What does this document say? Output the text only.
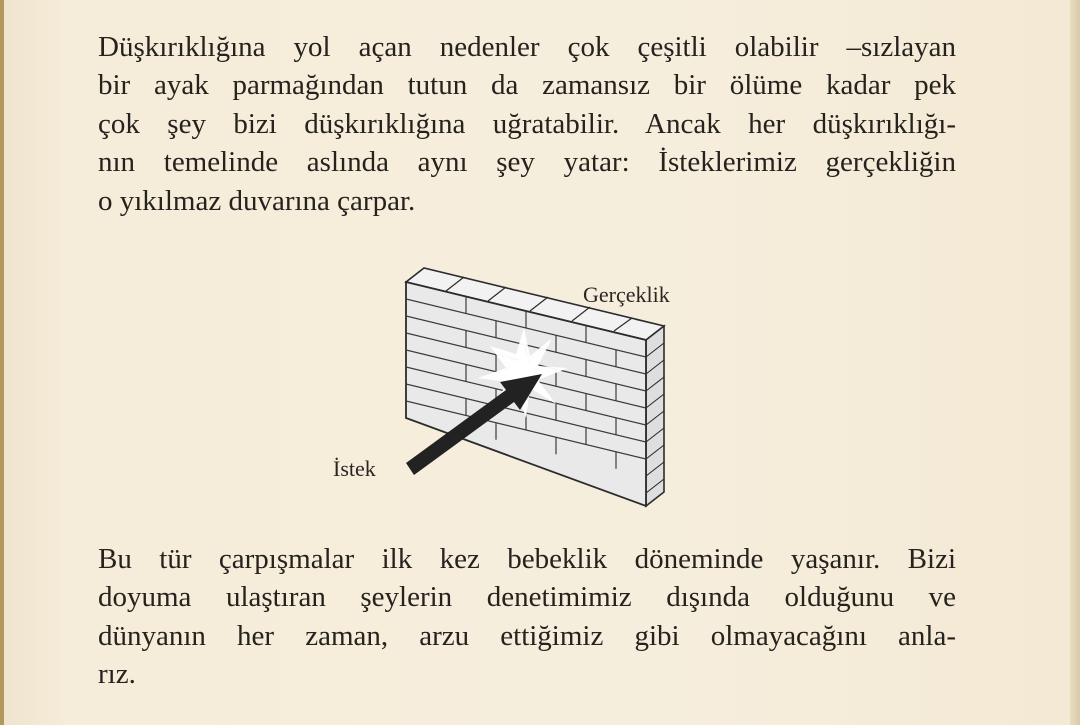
Düşkırıklığına yol açan nedenler çok çeşitli olabilir –sızlayan
bir ayak parmağından tutun da zamansız bir ölüme kadar pek
çok şey bizi düşkırıklığına uğratabilir. Ancak her düşkırıklığı-
nın temelinde aslında aynı şey yatar: İsteklerimiz gerçekliğin
o yıkılmaz duvarına çarpar.

Gerçeklik
İstek

Bu tür çarpışmalar ilk kez bebeklik döneminde yaşanır. Bizi
doyuma ulaştıran şeylerin denetimimiz dışında olduğunu ve
dünyanın her zaman, arzu ettiğimiz gibi olmayacağını anla-
rız.
